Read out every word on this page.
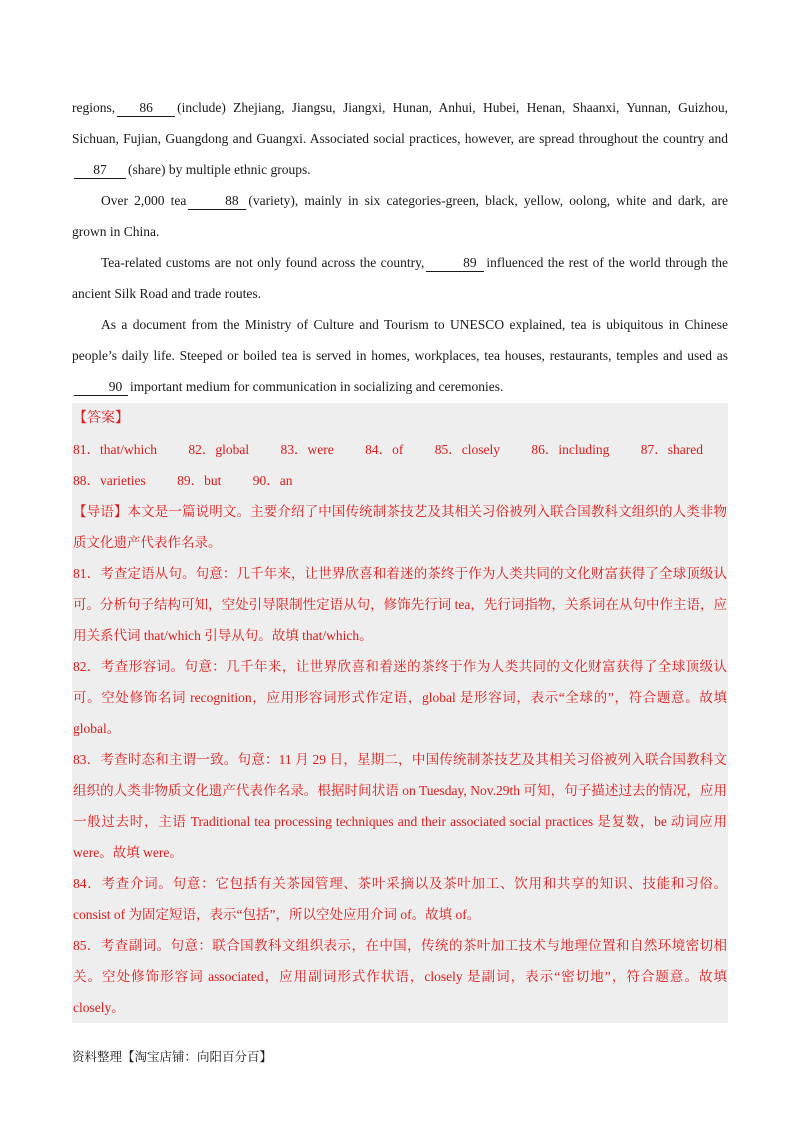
regions, 86 (include) Zhejiang, Jiangsu, Jiangxi, Hunan, Anhui, Hubei, Henan, Shaanxi, Yunnan, Guizhou, Sichuan, Fujian, Guangdong and Guangxi. Associated social practices, however, are spread throughout the country and87 (share) by multiple ethnic groups.

Over 2,000 tea	88 (variety), mainly in six categories-green, black, yellow, oolong, white and dark, are grown in China.

Tea-related customs are not only found across the country,	89 influenced the rest of the world through the ancient Silk Road and trade routes.

As a document from the Ministry of Culture and Tourism to UNESCO explained, tea is ubiquitous in Chinese people’s daily life. Steeped or boiled tea is served in homes, workplaces, tea houses, restaurants, temples and used as 90 important medium for communication in socializing and ceremonies.

【答案】

81．that/which 82．global 83．were 84．of 85．closely 86．including 87．shared

88．varieties 89．but 90．an

【导语】本文是一篇说明文。主要介绍了中国传统制茶技艺及其相关习俗被列入联合国教科文组织的人类非物质文化遗产代表作名录。

81．考查定语从句。句意：几千年来，让世界欣喜和着迷的茶终于作为人类共同的文化财富获得了全球顶级认可。分析句子结构可知，空处引导限制性定语从句，修饰先行词 tea，先行词指物，关系词在从句中作主语，应用关系代词 that/which 引导从句。故填 that/which。

82．考查形容词。句意：几千年来，让世界欣喜和着迷的茶终于作为人类共同的文化财富获得了全球顶级认可。空处修饰名词 recognition，应用形容词形式作定语，global 是形容词，表示“全球的”，符合题意。故填 global。

83．考查时态和主谓一致。句意：11 月 29 日，星期二，中国传统制茶技艺及其相关习俗被列入联合国教科文组织的人类非物质文化遗产代表作名录。根据时间状语 on Tuesday, Nov.29th 可知，句子描述过去的情况，应用一般过去时，主语 Traditional tea processing techniques and their associated social practices 是复数，be 动词应用 were。故填 were。

84．考查介词。句意：它包括有关茶园管理、茶叶采摘以及茶叶加工、饮用和共享的知识、技能和习俗。consist of 为固定短语，表示“包括”，所以空处应用介词 of。故填 of。

85．考查副词。句意：联合国教科文组织表示，在中国，传统的茶叶加工技术与地理位置和自然环境密切相关。空处修饰形容词 associated，应用副词形式作状语，closely 是副词，表示“密切地”，符合题意。故填 closely。

资料整理【淘宝店铺：向阳百分百】
